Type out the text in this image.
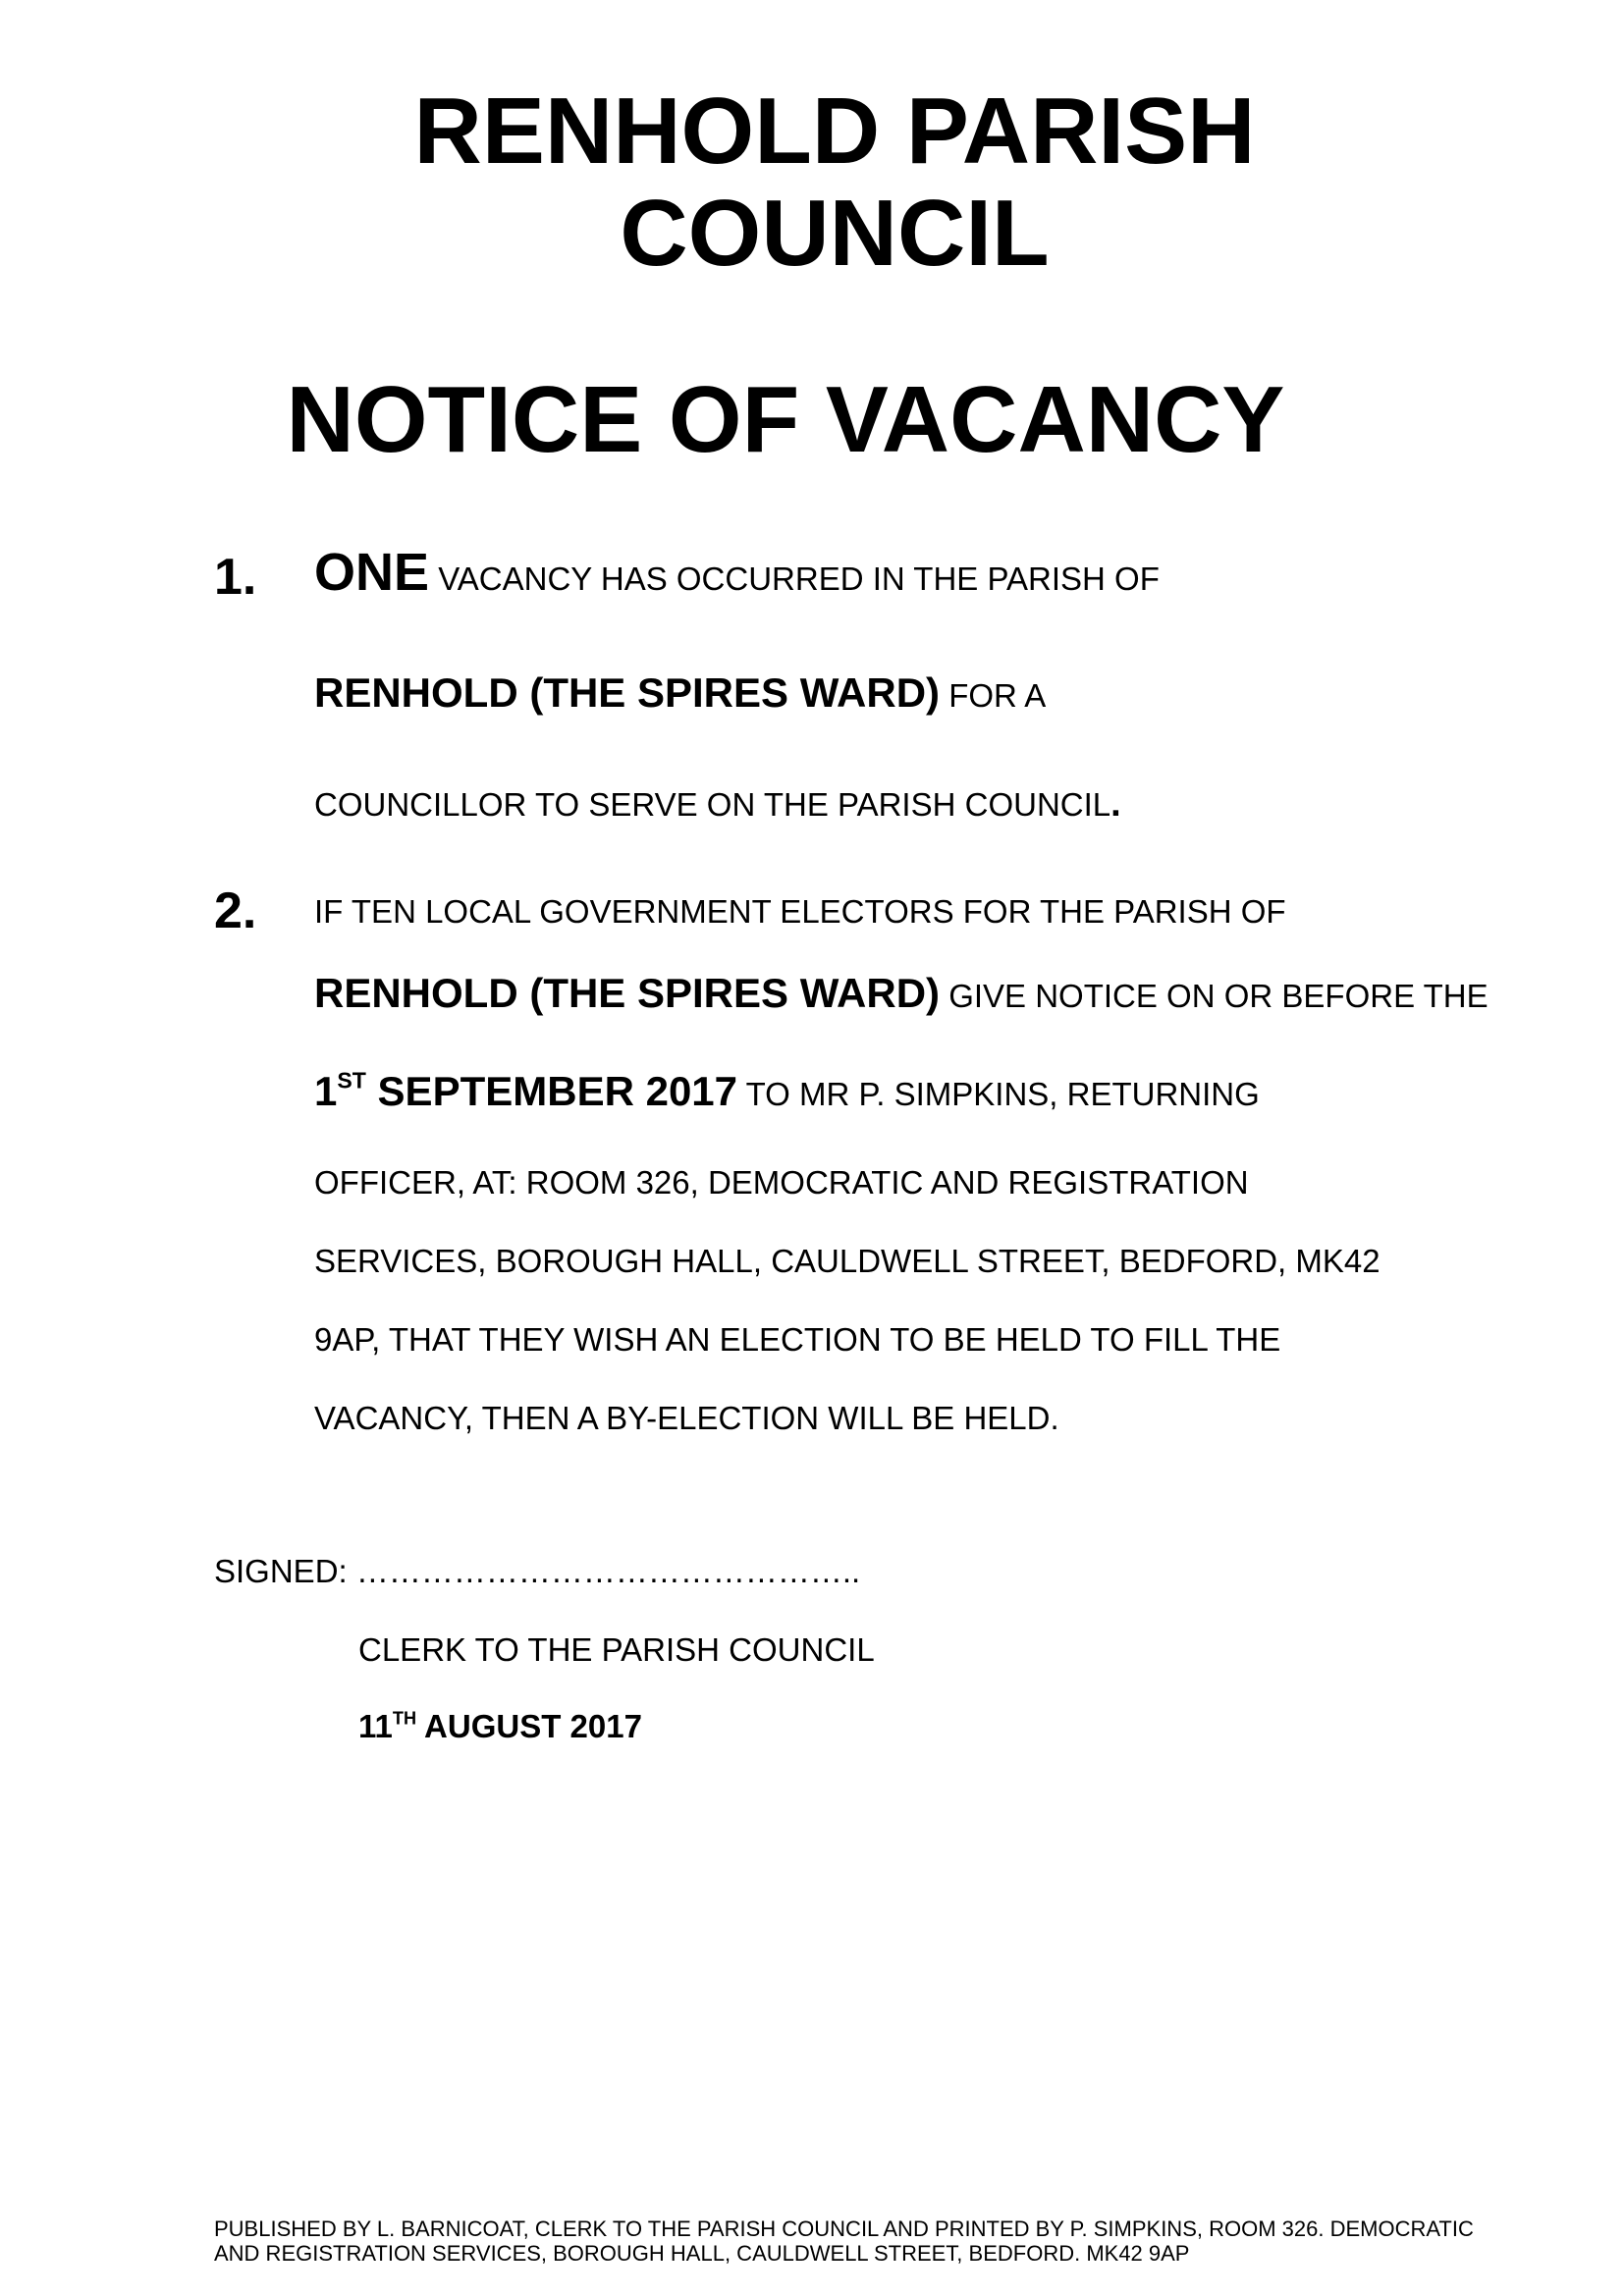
RENHOLD PARISH
COUNCIL
NOTICE OF VACANCY
1. ONE VACANCY HAS OCCURRED IN THE PARISH OF
RENHOLD (THE SPIRES WARD) FOR A
COUNCILLOR TO SERVE ON THE PARISH COUNCIL.
2. IF TEN LOCAL GOVERNMENT ELECTORS FOR THE PARISH OF
RENHOLD (THE SPIRES WARD) GIVE NOTICE ON OR BEFORE THE
1ST SEPTEMBER 2017 TO MR P. SIMPKINS, RETURNING
OFFICER, AT: ROOM 326, DEMOCRATIC AND REGISTRATION
SERVICES, BOROUGH HALL, CAULDWELL STREET, BEDFORD, MK42
9AP, THAT THEY WISH AN ELECTION TO BE HELD TO FILL THE
VACANCY, THEN A BY-ELECTION WILL BE HELD.
SIGNED: ………………………………………..
CLERK TO THE PARISH COUNCIL
11TH AUGUST 2017
PUBLISHED BY L. BARNICOAT, CLERK TO THE PARISH COUNCIL AND PRINTED BY P. SIMPKINS, ROOM 326. DEMOCRATIC
AND REGISTRATION SERVICES, BOROUGH HALL, CAULDWELL STREET, BEDFORD. MK42 9AP
